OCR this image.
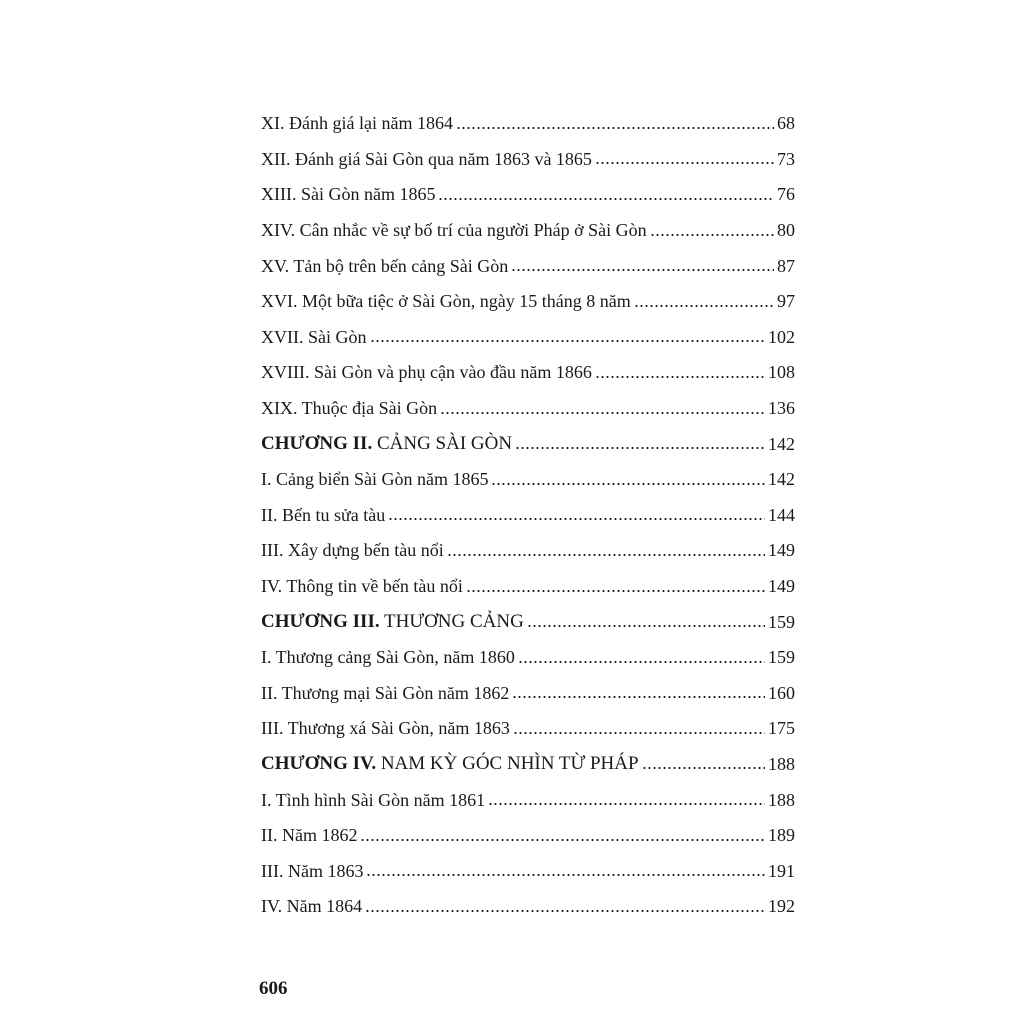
XI. Đánh giá lại năm 1864	68
XII. Đánh giá Sài Gòn qua năm 1863 và 1865	73
XIII. Sài Gòn năm 1865	76
XIV. Cân nhắc về sự bố trí của người Pháp ở Sài Gòn	80
XV. Tản bộ trên bến cảng Sài Gòn	87
XVI. Một bữa tiệc ở Sài Gòn, ngày 15 tháng 8 năm	97
XVII. Sài Gòn	102
XVIII. Sài Gòn và phụ cận vào đầu năm 1866	108
XIX. Thuộc địa Sài Gòn	136
CHƯƠNG II. CẢNG SÀI GÒN	142
I. Cảng biển Sài Gòn năm 1865	142
II. Bến tu sửa tàu	144
III. Xây dựng bến tàu nổi	149
IV. Thông tin về bến tàu nổi	149
CHƯƠNG III. THƯƠNG CẢNG	159
I. Thương cảng Sài Gòn, năm 1860	159
II. Thương mại Sài Gòn năm 1862	160
III. Thương xá Sài Gòn, năm 1863	175
CHƯƠNG IV. NAM KỲ GÓC NHÌN TỪ PHÁP	188
I. Tình hình Sài Gòn năm 1861	188
II. Năm 1862	189
III. Năm 1863	191
IV. Năm 1864	192
606
